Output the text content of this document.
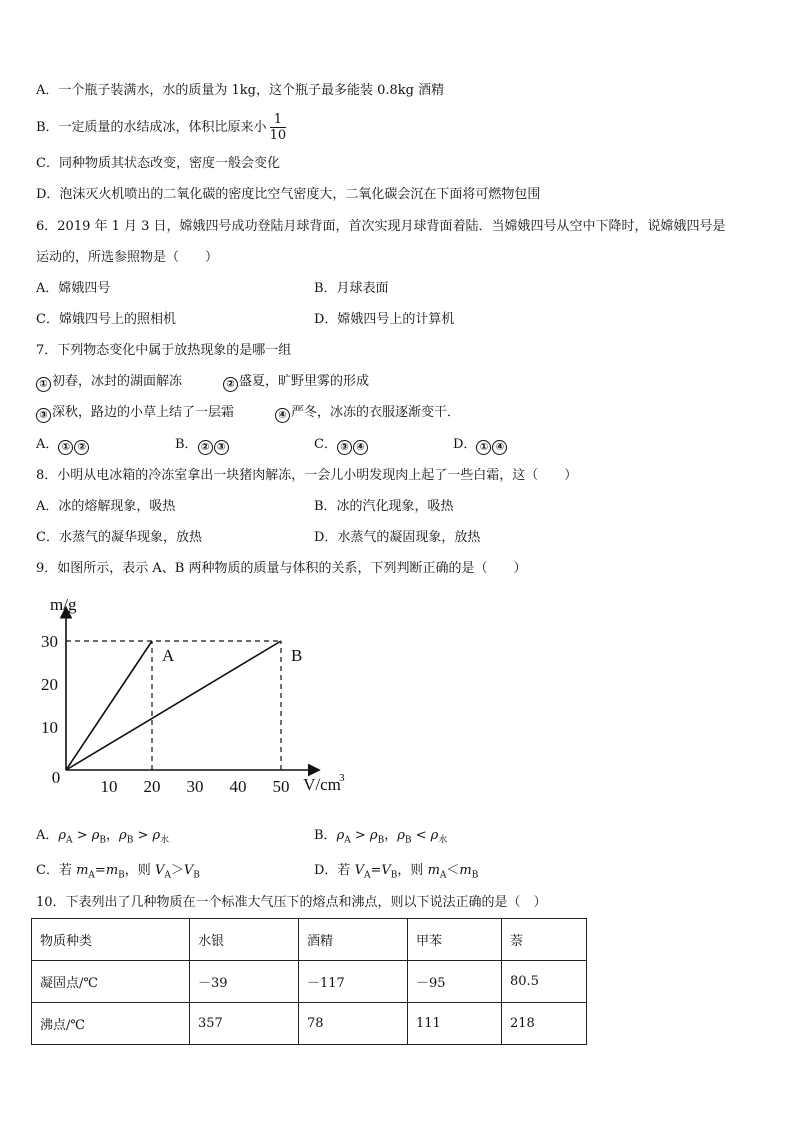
A．一个瓶子装满水，水的质量为 1kg，这个瓶子最多能装 0.8kg 酒精
B．一定质量的水结成冰，体积比原来小 $\frac{1}{10}$
C．同种物质其状态改变，密度一般会变化
D．泡沫灭火机喷出的二氧化碳的密度比空气密度大，二氧化碳会沉在下面将可燃物包围
6．2019 年 1 月 3 日，嫦娥四号成功登陆月球背面，首次实现月球背面着陆．当嫦娥四号从空中下降时，说嫦娥四号是
运动的，所选参照物是（　　）
A．嫦娥四号	B．月球表面
C．嫦娥四号上的照相机	D．嫦娥四号上的计算机
7．下列物态变化中属于放热现象的是哪一组
① 初春，冰封的湖面解冻	② 盛夏，旷野里雾的形成
③ 深秋，路边的小草上结了一层霜	④ 严冬，冰冻的衣服逐渐变干．
A． ① ②	B． ② ③	C． ③ ④	D． ① ④
8．小明从电冰箱的冷冻室拿出一块猪肉解冻，一会儿小明发现肉上起了一些白霜，这（　　）
A．冰的熔解现象，吸热	B．冰的汽化现象，吸热
C．水蒸气的凝华现象，放热	D．水蒸气的凝固现象，放热
9．如图所示，表示 A、B 两种物质的质量与体积的关系，下列判断正确的是（　　）
m/g
V/cm
3
0 10 20 30 40 50
10
20
30
A	B
A．$\rho_A > \rho_B$，$\rho_B > \rho_水$	B．$\rho_A > \rho_B$，$\rho_B < \rho_水$
C．若 $m_A=m_B$，则 $V_A>V_B$	D．若 $V_A=V_B$，则 $m_A<m_B$
10．下表列出了几种物质在一个标准大气压下的熔点和沸点，则以下说法正确的是（　）
物质种类	水银	酒精	甲苯	萘
凝固点/℃	－39	－117	－95	80.5
沸点/℃	357	78	111	218
